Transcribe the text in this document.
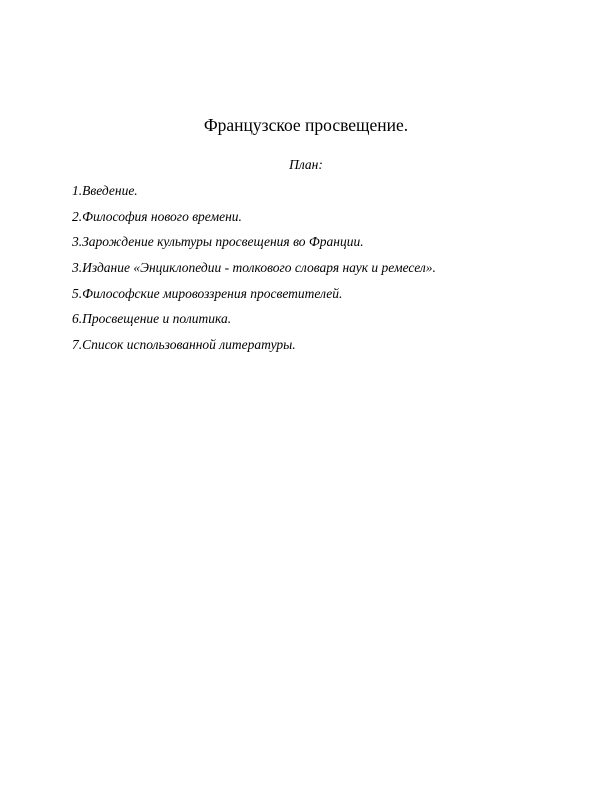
Французское просвещение.
План:
1.Введение.
2.Философия нового времени.
3.Зарождение культуры просвещения во Франции.
3.Издание «Энциклопедии - толкового словаря наук и ремесел».
5.Философские мировоззрения просветителей.
6.Просвещение и политика.
7.Список использованной литературы.
